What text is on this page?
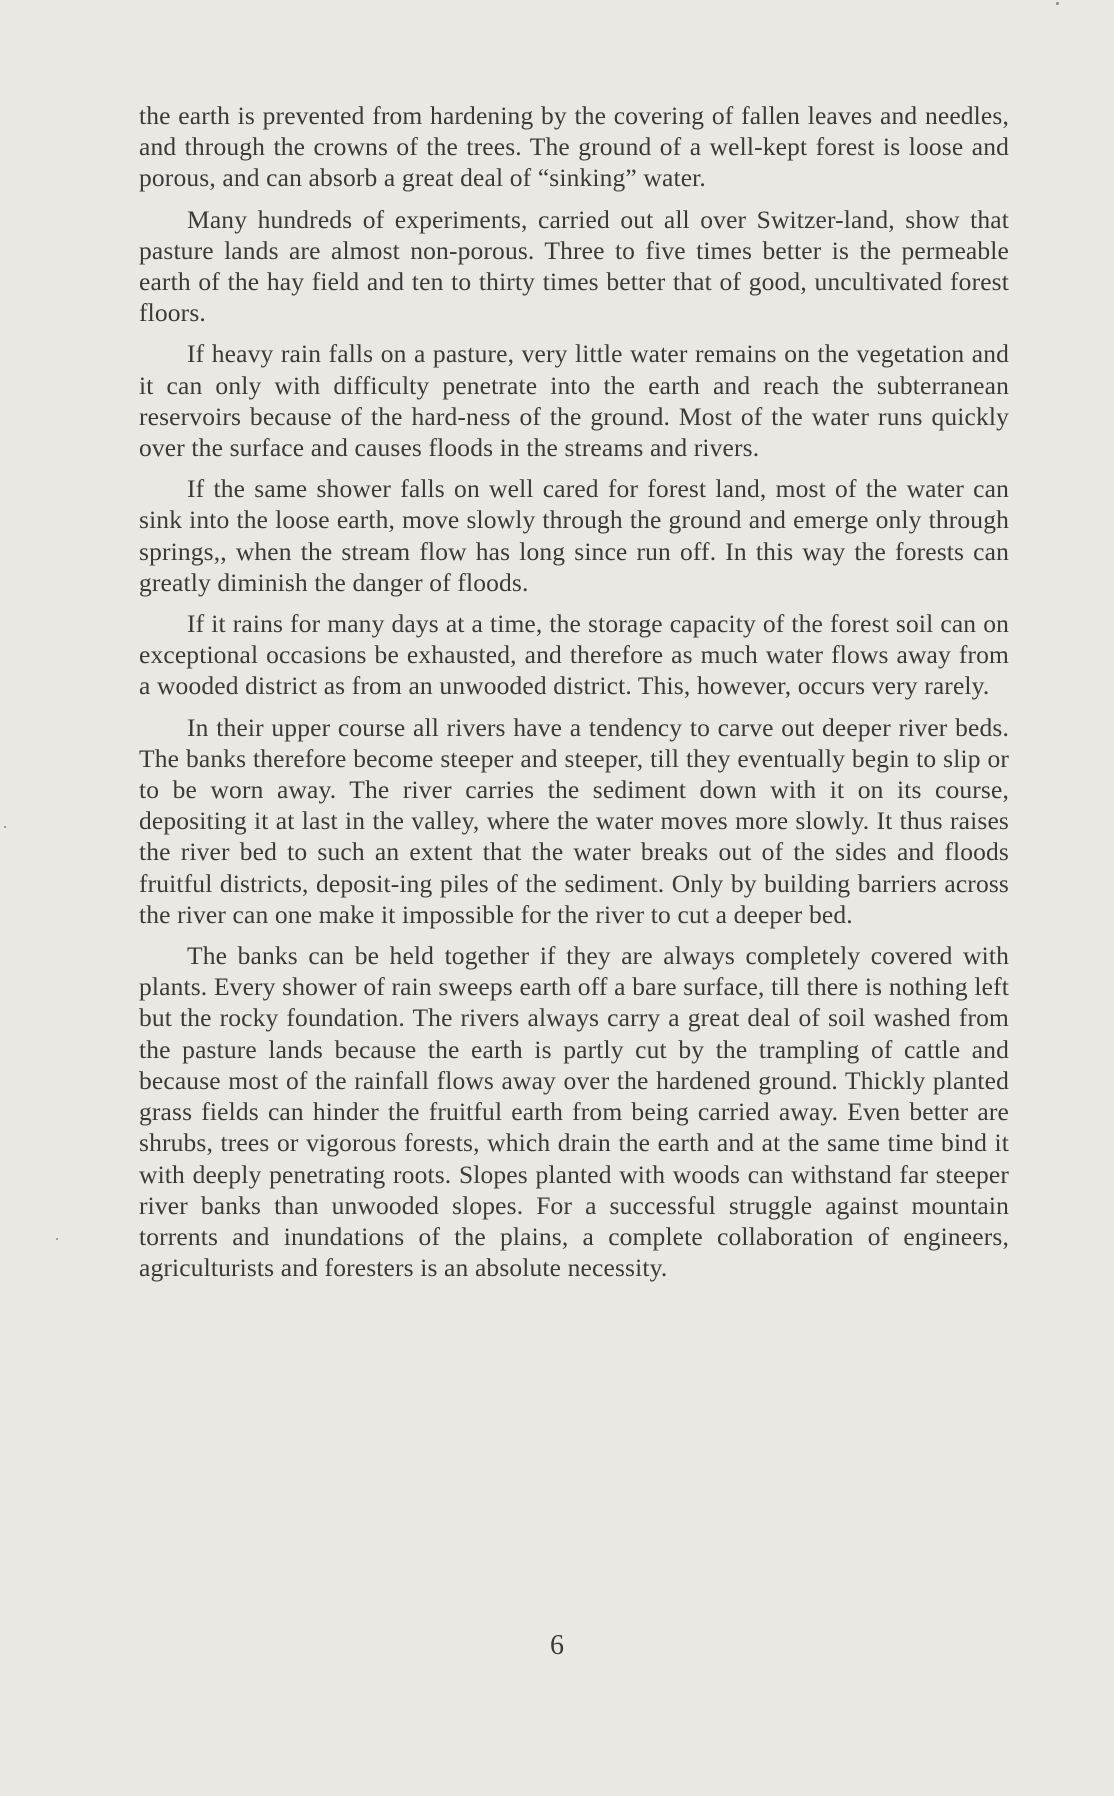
the earth is prevented from hardening by the covering of fallen leaves and needles, and through the crowns of the trees. The ground of a well-kept forest is loose and porous, and can absorb a great deal of “sinking” water.

Many hundreds of experiments, carried out all over Switzer-land, show that pasture lands are almost non-porous. Three to five times better is the permeable earth of the hay field and ten to thirty times better that of good, uncultivated forest floors.

If heavy rain falls on a pasture, very little water remains on the vegetation and it can only with difficulty penetrate into the earth and reach the subterranean reservoirs because of the hard-ness of the ground. Most of the water runs quickly over the surface and causes floods in the streams and rivers.

If the same shower falls on well cared for forest land, most of the water can sink into the loose earth, move slowly through the ground and emerge only through springs,, when the stream flow has long since run off. In this way the forests can greatly diminish the danger of floods.

If it rains for many days at a time, the storage capacity of the forest soil can on exceptional occasions be exhausted, and therefore as much water flows away from a wooded district as from an unwooded district. This, however, occurs very rarely.

In their upper course all rivers have a tendency to carve out deeper river beds. The banks therefore become steeper and steeper, till they eventually begin to slip or to be worn away. The river carries the sediment down with it on its course, depositing it at last in the valley, where the water moves more slowly. It thus raises the river bed to such an extent that the water breaks out of the sides and floods fruitful districts, deposit-ing piles of the sediment. Only by building barriers across the river can one make it impossible for the river to cut a deeper bed.

The banks can be held together if they are always completely covered with plants. Every shower of rain sweeps earth off a bare surface, till there is nothing left but the rocky foundation. The rivers always carry a great deal of soil washed from the pasture lands because the earth is partly cut by the trampling of cattle and because most of the rainfall flows away over the hardened ground. Thickly planted grass fields can hinder the fruitful earth from being carried away. Even better are shrubs, trees or vigorous forests, which drain the earth and at the same time bind it with deeply penetrating roots. Slopes planted with woods can withstand far steeper river banks than unwooded slopes. For a successful struggle against mountain torrents and inundations of the plains, a complete collaboration of engineers, agriculturists and foresters is an absolute necessity.

6
